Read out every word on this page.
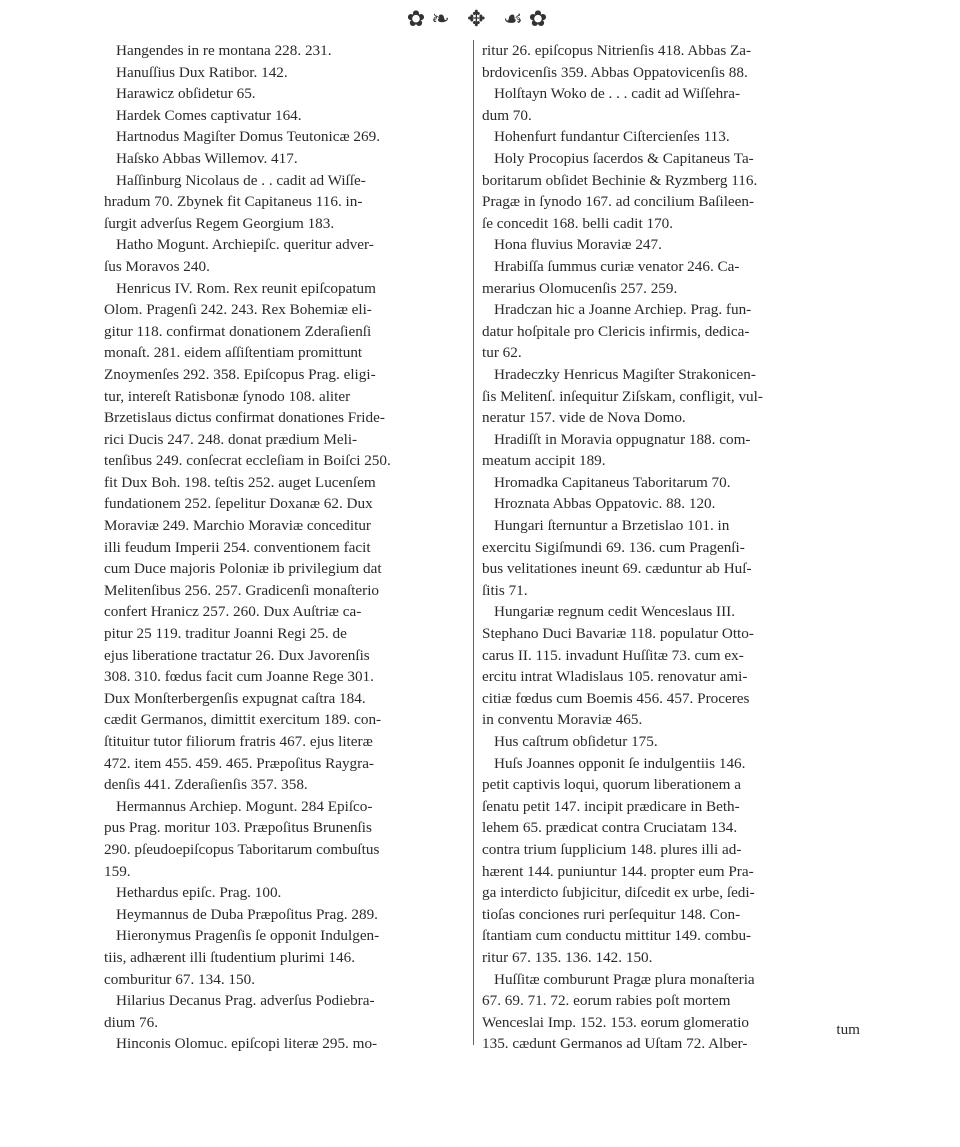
✿❧ ✥ ☙✿
Hangendes in re montana 228. 231.
Hanuſſius Dux Ratibor. 142.
Harawicz obſidetur 65.
Hardek Comes captivatur 164.
Hartnodus Magiſter Domus Teutonicæ 269.
Haſsko Abbas Willemov. 417.
Haſſinburg Nicolaus de . . cadit ad Wiſſe-
hradum 70. Zbynek fit Capitaneus 116. in-
ſurgit adverſus Regem Georgium 183.
Hatho Mogunt. Archiepiſc. queritur adver-
ſus Moravos 240.
Henricus IV. Rom. Rex reunit epiſcopatum
Olom. Pragenſi 242. 243. Rex Bohemiæ eli-
gitur 118. confirmat donationem Zderaſienſi
monaſt. 281. eidem aſſiſtentiam promittunt
Znoymenſes 292. 358. Epiſcopus Prag. eligi-
tur, intereſt Ratisbonæ ſynodo 108. aliter
Brzetislaus dictus confirmat donationes Fride-
rici Ducis 247. 248. donat prædium Meli-
tenſibus 249. conſecrat eccleſiam in Boiſci 250.
fit Dux Boh. 198. teſtis 252. auget Lucenſem
fundationem 252. ſepelitur Doxanæ 62. Dux
Moraviæ 249. Marchio Moraviæ conceditur
illi feudum Imperii 254. conventionem facit
cum Duce majoris Poloniæ ib privilegium dat
Melitenſibus 256. 257. Gradicenſi monaſterio
confert Hranicz 257. 260. Dux Auſtriæ ca-
pitur 25 119. traditur Joanni Regi 25. de
ejus liberatione tractatur 26. Dux Javorenſis
308. 310. fœdus facit cum Joanne Rege 301.
Dux Monſterbergenſis expugnat caſtra 184.
cædit Germanos, dimittit exercitum 189. con-
ſtituitur tutor filiorum fratris 467. ejus literæ
472. item 455. 459. 465. Præpoſitus Raygra-
denſis 441. Zderaſienſis 357. 358.
Hermannus Archiep. Mogunt. 284 Epiſco-
pus Prag. moritur 103. Præpoſitus Brunenſis
290. pſeudoepiſcopus Taboritarum combuſtus
159.
Hethardus epiſc. Prag. 100.
Heymannus de Duba Præpoſitus Prag. 289.
Hieronymus Pragenſis ſe opponit Indulgen-
tiis, adhærent illi ſtudentium plurimi 146.
comburitur 67. 134. 150.
Hilarius Decanus Prag. adverſus Podiebra-
dium 76.
Hinconis Olomuc. epiſcopi literæ 295. mo-
ritur 26. epiſcopus Nitrienſis 418. Abbas Za-
brdovicenſis 359. Abbas Oppatovicenſis 88.
Holſtayn Woko de . . . cadit ad Wiſſehra-
dum 70.
Hohenfurt fundantur Ciſtercienſes 113.
Holy Procopius ſacerdos & Capitaneus Ta-
boritarum obſidet Bechinie & Ryzmberg 116.
Pragæ in ſynodo 167. ad concilium Baſileen-
ſe concedit 168. belli cadit 170.
Hona fluvius Moraviæ 247.
Hrabiſſa ſummus curiæ venator 246. Ca-
merarius Olomucenſis 257. 259.
Hradczan hic a Joanne Archiep. Prag. fun-
datur hoſpitale pro Clericis infirmis, dedica-
tur 62.
Hradeczky Henricus Magiſter Strakonicen-
ſis Melitenſ. inſequitur Ziſskam, confligit, vul-
neratur 157. vide de Nova Domo.
Hradiſſt in Moravia oppugnatur 188. com-
meatum accipit 189.
Hromadka Capitaneus Taboritarum 70.
Hroznata Abbas Oppatovic. 88. 120.
Hungari ſternuntur a Brzetislao 101. in
exercitu Sigiſmundi 69. 136. cum Pragenſi-
bus velitationes ineunt 69. cæduntur ab Huſ-
ſitis 71.
Hungariæ regnum cedit Wenceslaus III.
Stephano Duci Bavariæ 118. populatur Otto-
carus II. 115. invadunt Huſſitæ 73. cum ex-
ercitu intrat Wladislaus 105. renovatur ami-
citiæ fœdus cum Boemis 456. 457. Proceres
in conventu Moraviæ 465.
Hus caſtrum obſidetur 175.
Huſs Joannes opponit ſe indulgentiis 146.
petit captivis loqui, quorum liberationem a
ſenatu petit 147. incipit prædicare in Beth-
lehem 65. prædicat contra Cruciatam 134.
contra trium ſupplicium 148. plures illi ad-
hærent 144. puniuntur 144. propter eum Pra-
ga interdicto ſubjicitur, diſcedit ex urbe, ſedi-
tioſas conciones ruri perſequitur 148. Con-
ſtantiam cum conductu mittitur 149. combu-
ritur 67. 135. 136. 142. 150.
Huſſitæ comburunt Pragæ plura monaſteria
67. 69. 71. 72. eorum rabies poſt mortem
Wenceslai Imp. 152. 153. eorum glomeratio
135. cædunt Germanos ad Uſtam 72. Alber-
tum
